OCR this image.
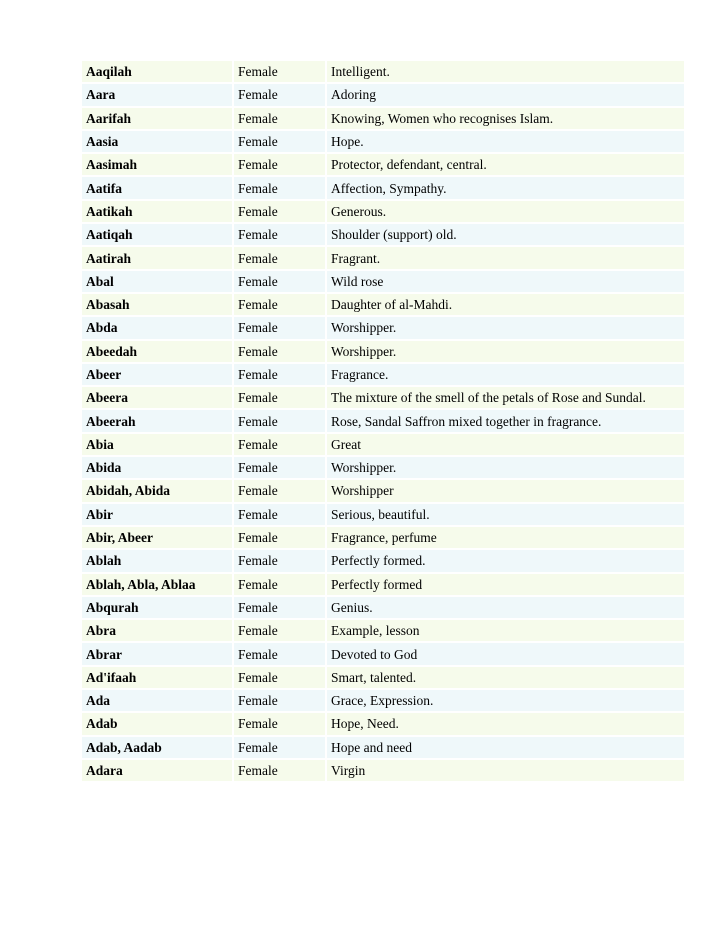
Aaqilah	Female	Intelligent.
Aara	Female	Adoring
Aarifah	Female	Knowing, Women who recognises Islam.
Aasia	Female	Hope.
Aasimah	Female	Protector, defendant, central.
Aatifa	Female	Affection, Sympathy.
Aatikah	Female	Generous.
Aatiqah	Female	Shoulder (support) old.
Aatirah	Female	Fragrant.
Abal	Female	Wild rose
Abasah	Female	Daughter of al-Mahdi.
Abda	Female	Worshipper.
Abeedah	Female	Worshipper.
Abeer	Female	Fragrance.
Abeera	Female	The mixture of the smell of the petals of Rose and Sundal.
Abeerah	Female	Rose, Sandal Saffron mixed together in fragrance.
Abia	Female	Great
Abida	Female	Worshipper.
Abidah, Abida	Female	Worshipper
Abir	Female	Serious, beautiful.
Abir, Abeer	Female	Fragrance, perfume
Ablah	Female	Perfectly formed.
Ablah, Abla, Ablaa	Female	Perfectly formed
Abqurah	Female	Genius.
Abra	Female	Example, lesson
Abrar	Female	Devoted to God
Ad'ifaah	Female	Smart, talented.
Ada	Female	Grace, Expression.
Adab	Female	Hope, Need.
Adab, Aadab	Female	Hope and need
Adara	Female	Virgin
